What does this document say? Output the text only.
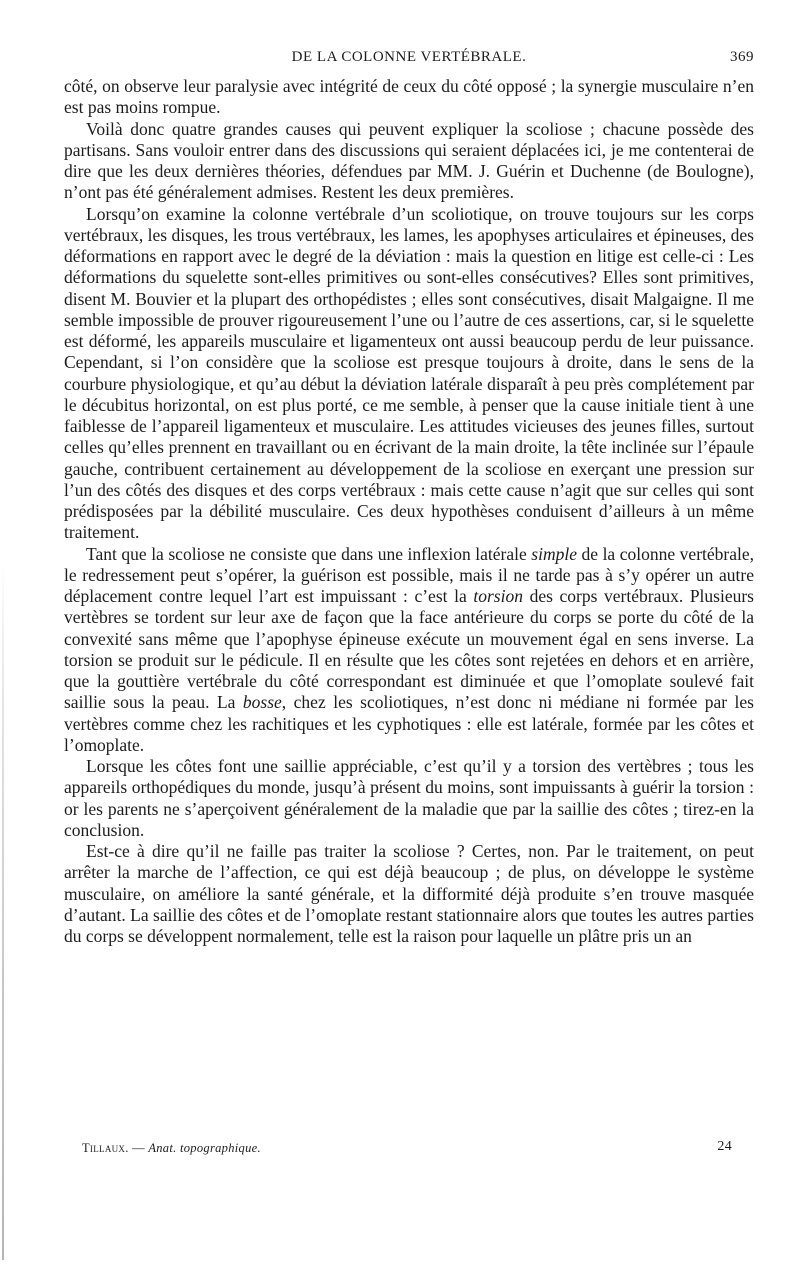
DE LA COLONNE VERTÉBRALE.	369

côté, on observe leur paralysie avec intégrité de ceux du côté opposé ; la synergie musculaire n’en est pas moins rompue.

Voilà donc quatre grandes causes qui peuvent expliquer la scoliose ; chacune possède des partisans. Sans vouloir entrer dans des discussions qui seraient déplacées ici, je me contenterai de dire que les deux dernières théories, défendues par MM. J. Guérin et Duchenne (de Boulogne), n’ont pas été généralement admises. Restent les deux premières.

Lorsqu’on examine la colonne vertébrale d’un scoliotique, on trouve toujours sur les corps vertébraux, les disques, les trous vertébraux, les lames, les apophyses articulaires et épineuses, des déformations en rapport avec le degré de la déviation : mais la question en litige est celle-ci : Les déformations du squelette sont-elles primitives ou sont-elles consécutives? Elles sont primitives, disent M. Bouvier et la plupart des orthopédistes ; elles sont consécutives, disait Malgaigne. Il me semble impossible de prouver rigoureusement l’une ou l’autre de ces assertions, car, si le squelette est déformé, les appareils musculaire et ligamenteux ont aussi beaucoup perdu de leur puissance. Cependant, si l’on considère que la scoliose est presque toujours à droite, dans le sens de la courbure physiologique, et qu’au début la déviation latérale disparaît à peu près complétement par le décubitus horizontal, on est plus porté, ce me semble, à penser que la cause initiale tient à une faiblesse de l’appareil ligamenteux et musculaire. Les attitudes vicieuses des jeunes filles, surtout celles qu’elles prennent en travaillant ou en écrivant de la main droite, la tête inclinée sur l’épaule gauche, contribuent certainement au développement de la scoliose en exerçant une pression sur l’un des côtés des disques et des corps vertébraux : mais cette cause n’agit que sur celles qui sont prédisposées par la débilité musculaire. Ces deux hypothèses conduisent d’ailleurs à un même traitement.

Tant que la scoliose ne consiste que dans une inflexion latérale simple de la colonne vertébrale, le redressement peut s’opérer, la guérison est possible, mais il ne tarde pas à s’y opérer un autre déplacement contre lequel l’art est impuissant : c’est la torsion des corps vertébraux. Plusieurs vertèbres se tordent sur leur axe de façon que la face antérieure du corps se porte du côté de la convexité sans même que l’apophyse épineuse exécute un mouvement égal en sens inverse. La torsion se produit sur le pédicule. Il en résulte que les côtes sont rejetées en dehors et en arrière, que la gouttière vertébrale du côté correspondant est diminuée et que l’omoplate soulevé fait saillie sous la peau. La bosse, chez les scoliotiques, n’est donc ni médiane ni formée par les vertèbres comme chez les rachitiques et les cyphotiques : elle est latérale, formée par les côtes et l’omoplate.

Lorsque les côtes font une saillie appréciable, c’est qu’il y a torsion des vertèbres ; tous les appareils orthopédiques du monde, jusqu’à présent du moins, sont impuissants à guérir la torsion : or les parents ne s’aperçoivent généralement de la maladie que par la saillie des côtes ; tirez-en la conclusion.

Est-ce à dire qu’il ne faille pas traiter la scoliose ? Certes, non. Par le traitement, on peut arrêter la marche de l’affection, ce qui est déjà beaucoup ; de plus, on développe le système musculaire, on améliore la santé générale, et la difformité déjà produite s’en trouve masquée d’autant. La saillie des côtes et de l’omoplate restant stationnaire alors que toutes les autres parties du corps se développent normalement, telle est la raison pour laquelle un plâtre pris un an

Tillaux. — Anat. topographique.	24
